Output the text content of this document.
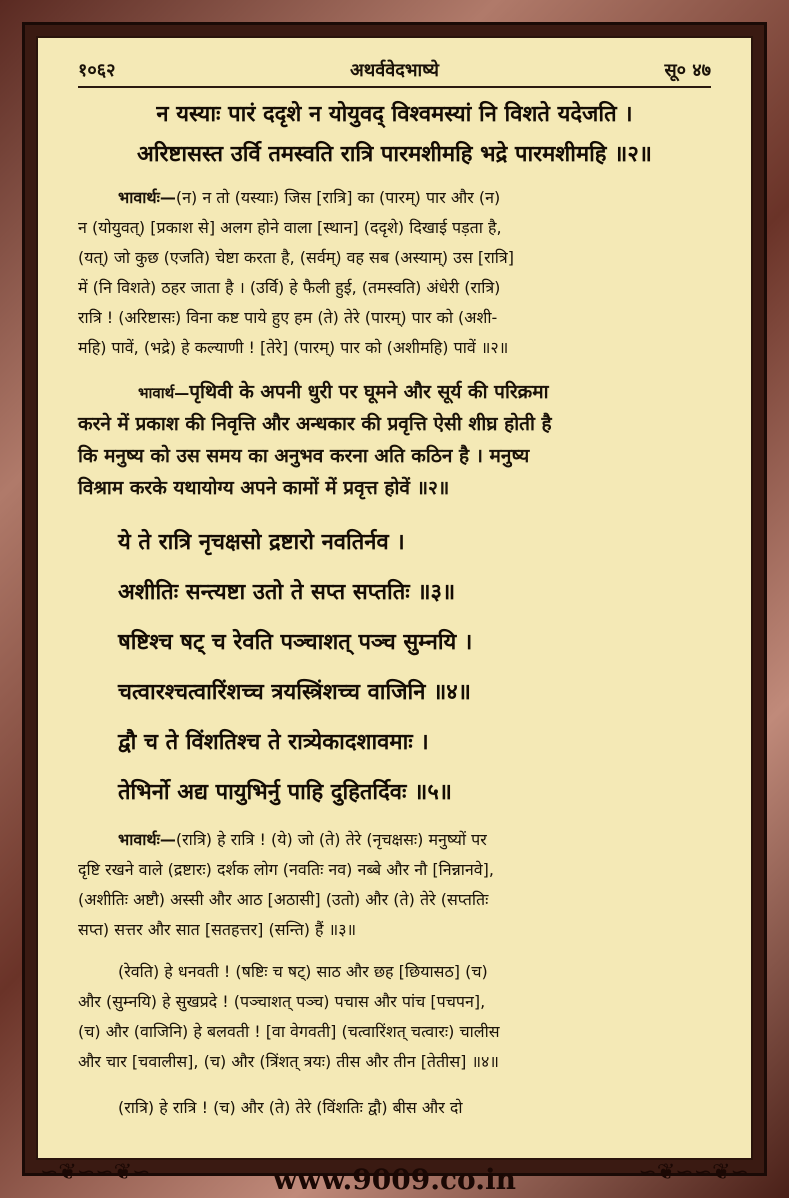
१०६२	अथर्ववेदभाष्ये	सू० ४७
न यस्याः पारं ददृशे न योयुवद् विश्वमस्यां नि विशते यदेजति ।
अरिष्टासस्त उर्वि तमस्वति रात्रि पारमशीमहि भद्रे पारमशीमहि ॥२॥
भावार्थः—(न) न तो (यस्याः) जिस [रात्रि] का (पारम्) पार और (न)
न (योयुवत्) [प्रकाश से] अलग होने वाला [स्थान] (ददृशे) दिखाई पड़ता है,
(यत्) जो कुछ (एजति) चेष्टा करता है, (सर्वम्) वह सब (अस्याम्) उस [रात्रि]
में (नि विशते) ठहर जाता है । (उर्वि) हे फैली हुई, (तमस्वति) अंधेरी (रात्रि)
रात्रि ! (अरिष्टासः) विना कष्ट पाये हुए हम (ते) तेरे (पारम्) पार को (अशी-
महि) पावें, (भद्रे) हे कल्याणी ! [तेरे] (पारम्) पार को (अशीमहि) पावें ॥२॥
भावार्थ—पृथिवी के अपनी धुरी पर घूमने और सूर्य की परिक्रमा
करने में प्रकाश की निवृत्ति और अन्धकार की प्रवृत्ति ऐसी शीघ्र होती है
कि मनुष्य को उस समय का अनुभव करना अति कठिन है । मनुष्य
विश्राम करके यथायोग्य अपने कामों में प्रवृत्त होवें ॥२॥
ये ते रात्रि नृचक्षसो द्रष्टारो नवतिर्नव ।
अशीतिः सन्त्यष्टा उतो ते सप्त सप्ततिः ॥३॥
षष्टिश्च षट् च रेवति पञ्चाशत् पञ्च सुम्नयि ।
चत्वारश्चत्वारिंशच्च त्रयस्त्रिंशच्च वाजिनि ॥४॥
द्वौ च ते विंशतिश्च ते रात्र्येकादशावमाः ।
तेभिर्नो अद्य पायुभिर्नु पाहि दुहितर्दिवः ॥५॥
भावार्थः—(रात्रि) हे रात्रि ! (ये) जो (ते) तेरे (नृचक्षसः) मनुष्यों पर
दृष्टि रखने वाले (द्रष्टारः) दर्शक लोग (नवतिः नव) नब्बे और नौ [निन्नानवे],
(अशीतिः अष्टौ) अस्सी और आठ [अठासी] (उतो) और (ते) तेरे (सप्ततिः
सप्त) सत्तर और सात [सतहत्तर] (सन्ति) हैं ॥३॥
(रेवति) हे धनवती ! (षष्टिः च षट्) साठ और छह [छियासठ] (च)
और (सुम्नयि) हे सुखप्रदे ! (पञ्चाशत् पञ्च) पचास और पांच [पचपन],
(च) और (वाजिनि) हे बलवती ! [वा वेगवती] (चत्वारिंशत् चत्वारः) चालीस
और चार [चवालीस], (च) और (त्रिंशत् त्रयः) तीस और तीन [तेतीस] ॥४॥
(रात्रि) हे रात्रि ! (च) और (ते) तेरे (विंशतिः द्वौ) बीस और दो
∽❦∽∽❦∽	∽❦∽∽❦∽
www.9009.co.in
